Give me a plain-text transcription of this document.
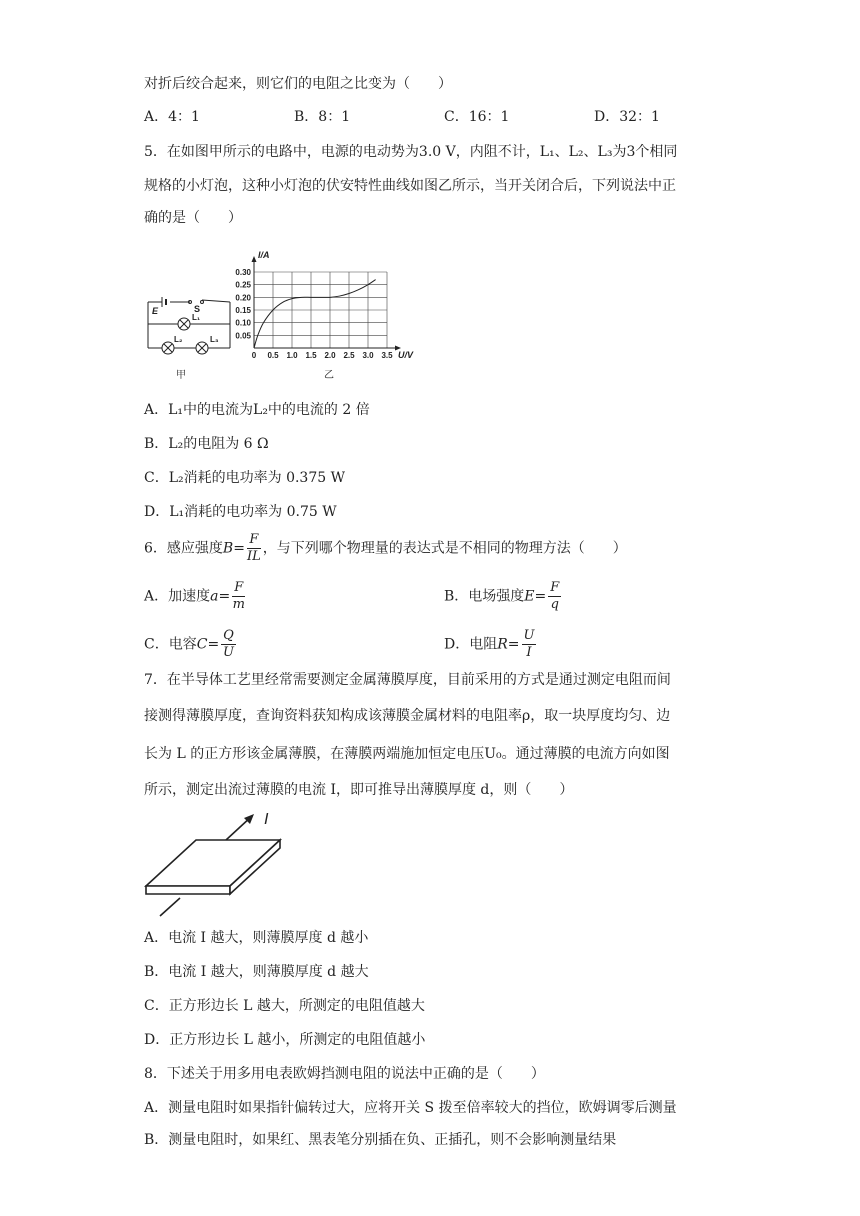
对折后绞合起来，则它们的电阻之比变为（　　）
A．4：1	B．8：1	C．16：1	D．32：1
5．在如图甲所示的电路中，电源的电动势为3.0 V，内阻不计，L₁、L₂、L₃为3个相同
规格的小灯泡，这种小灯泡的伏安特性曲线如图乙所示，当开关闭合后，下列说法中正
确的是（　　）
E	S
L₁
L₂	L₃
甲
0 0.5 1.0 1.5 2.0 2.5 3.0 3.5
0.30
0.25
0.20
0.15
0.10
0.05
I/A
U/V
乙
A．L₁中的电流为L₂中的电流的 2 倍
B．L₂的电阻为 6 Ω
C．L₂消耗的电功率为 0.375 W
D．L₁消耗的电功率为 0.75 W
6．感应强度$B= \frac{F}{IL}$ ，与下列哪个物理量的表达式是不相同的物理方法（　　）
A．加速度$a= \frac{F}{m}$	B．电场强度$E= \frac{F}{q}$
C．电容$C= \frac{Q}{U}$	D．电阻$R= \frac{U}{I}$
7．在半导体工艺里经常需要测定金属薄膜厚度，目前采用的方式是通过测定电阻而间
接测得薄膜厚度，查询资料获知构成该薄膜金属材料的电阻率ρ，取一块厚度均匀、边
长为 L 的正方形该金属薄膜，在薄膜两端施加恒定电压U₀。通过薄膜的电流方向如图
所示，测定出流过薄膜的电流 I，即可推导出薄膜厚度 d，则（　　）
I
A．电流 I 越大，则薄膜厚度 d 越小
B．电流 I 越大，则薄膜厚度 d 越大
C．正方形边长 L 越大，所测定的电阻值越大
D．正方形边长 L 越小，所测定的电阻值越小
8．下述关于用多用电表欧姆挡测电阻的说法中正确的是（　　）
A．测量电阻时如果指针偏转过大，应将开关 S 拨至倍率较大的挡位，欧姆调零后测量
B．测量电阻时，如果红、黑表笔分别插在负、正插孔，则不会影响测量结果
